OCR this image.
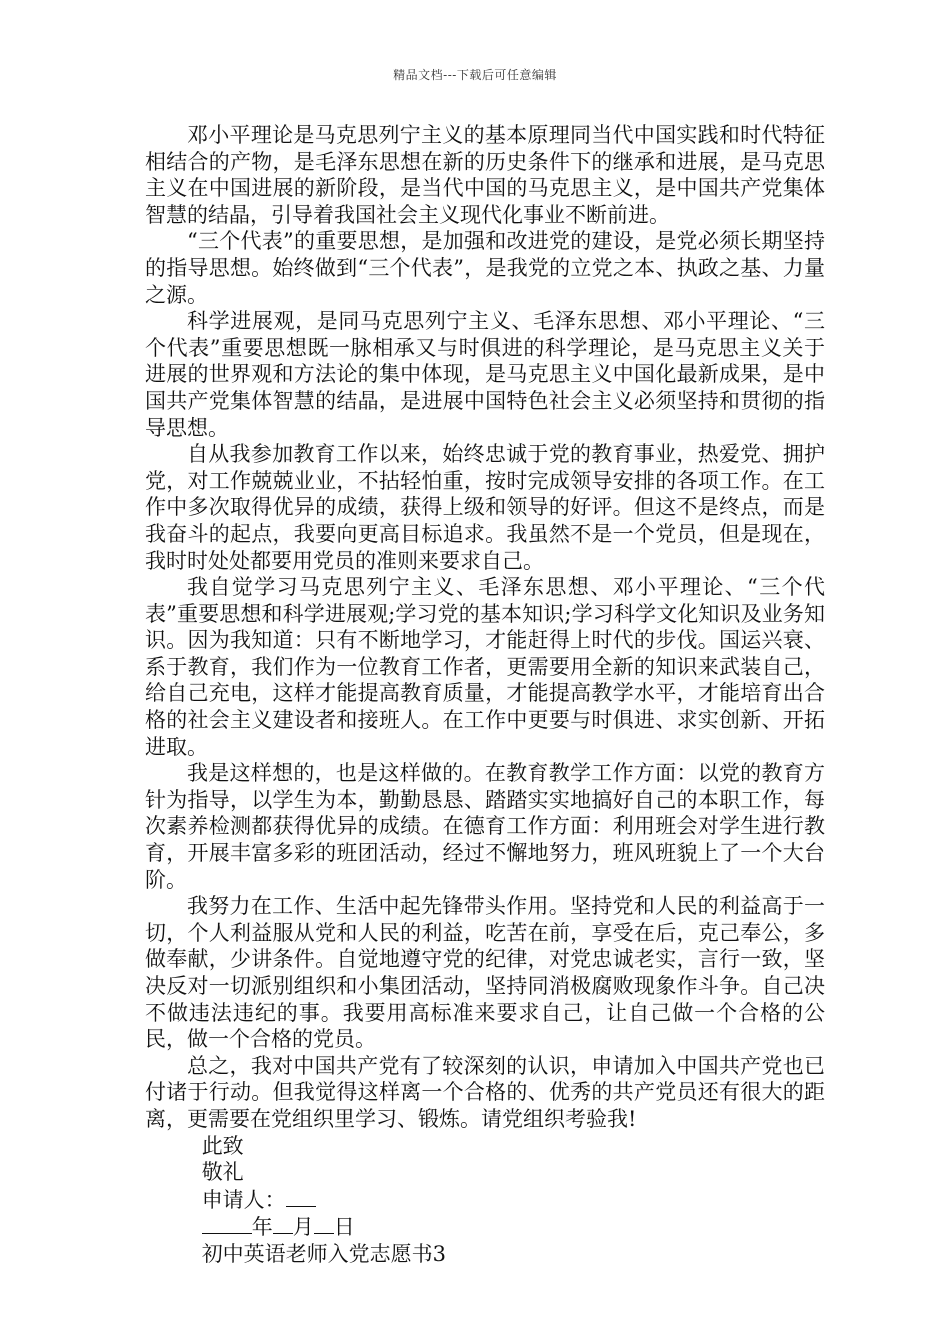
精品文档---下载后可任意编辑

邓小平理论是马克思列宁主义的基本原理同当代中国实践和时代特征相结合的产物，是毛泽东思想在新的历史条件下的继承和进展，是马克思主义在中国进展的新阶段，是当代中国的马克思主义，是中国共产党集体智慧的结晶，引导着我国社会主义现代化事业不断前进。

“三个代表”的重要思想，是加强和改进党的建设，是党必须长期坚持的指导思想。始终做到“三个代表”，是我党的立党之本、执政之基、力量之源。

科学进展观，是同马克思列宁主义、毛泽东思想、邓小平理论、“三个代表”重要思想既一脉相承又与时俱进的科学理论，是马克思主义关于进展的世界观和方法论的集中体现，是马克思主义中国化最新成果，是中国共产党集体智慧的结晶，是进展中国特色社会主义必须坚持和贯彻的指导思想。

自从我参加教育工作以来，始终忠诚于党的教育事业，热爱党、拥护党，对工作兢兢业业，不拈轻怕重，按时完成领导安排的各项工作。在工作中多次取得优异的成绩，获得上级和领导的好评。但这不是终点，而是我奋斗的起点，我要向更高目标追求。我虽然不是一个党员，但是现在，我时时处处都要用党员的准则来要求自己。

我自觉学习马克思列宁主义、毛泽东思想、邓小平理论、“三个代表”重要思想和科学进展观;学习党的基本知识;学习科学文化知识及业务知识。因为我知道：只有不断地学习，才能赶得上时代的步伐。国运兴衰、系于教育，我们作为一位教育工作者，更需要用全新的知识来武装自己，给自己充电，这样才能提高教育质量，才能提高教学水平，才能培育出合格的社会主义建设者和接班人。在工作中更要与时俱进、求实创新、开拓进取。

我是这样想的，也是这样做的。在教育教学工作方面：以党的教育方针为指导，以学生为本，勤勤恳恳、踏踏实实地搞好自己的本职工作，每次素养检测都获得优异的成绩。在德育工作方面：利用班会对学生进行教育，开展丰富多彩的班团活动，经过不懈地努力，班风班貌上了一个大台阶。

我努力在工作、生活中起先锋带头作用。坚持党和人民的利益高于一切，个人利益服从党和人民的利益，吃苦在前，享受在后，克己奉公，多做奉献，少讲条件。自觉地遵守党的纪律，对党忠诚老实，言行一致，坚决反对一切派别组织和小集团活动，坚持同消极腐败现象作斗争。自己决不做违法违纪的事。我要用高标准来要求自己，让自己做一个合格的公民，做一个合格的党员。

总之，我对中国共产党有了较深刻的认识，申请加入中国共产党也已付诸于行动。但我觉得这样离一个合格的、优秀的共产党员还有很大的距离，更需要在党组织里学习、锻炼。请党组织考验我!

此致

敬礼

申请人：

年 月 日

初中英语老师入党志愿书3
